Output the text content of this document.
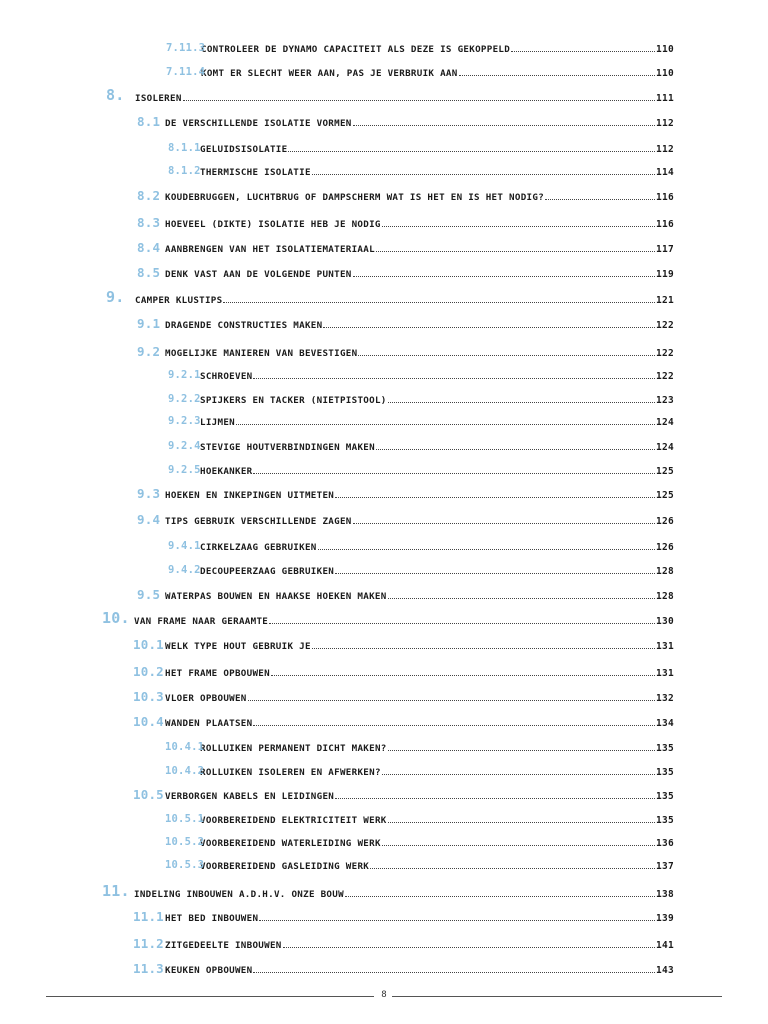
7.11.3
CONTROLEER DE DYNAMO CAPACITEIT ALS DEZE IS GEKOPPELD	110
7.11.4
KOMT ER SLECHT WEER AAN, PAS JE VERBRUIK AAN	110
8.	ISOLEREN	111
8.1 DE VERSCHILLENDE ISOLATIE VORMEN	112
8.1.1 GELUIDSISOLATIE	112
8.1.2 THERMISCHE ISOLATIE	114
8.2 KOUDEBRUGGEN, LUCHTBRUG OF DAMPSCHERM WAT IS HET EN IS HET NODIG?	116
8.3 HOEVEEL (DIKTE) ISOLATIE HEB JE NODIG	116
8.4 AANBRENGEN VAN HET ISOLATIEMATERIAAL	117
8.5 DENK VAST AAN DE VOLGENDE PUNTEN	119
9.	CAMPER KLUSTIPS	121
9.1 DRAGENDE CONSTRUCTIES MAKEN	122
9.2 MOGELIJKE MANIEREN VAN BEVESTIGEN	122
9.2.1 SCHROEVEN	122
9.2.2 SPIJKERS EN TACKER (NIETPISTOOL)	123
9.2.3 LIJMEN	124
9.2.4 STEVIGE HOUTVERBINDINGEN MAKEN	124
9.2.5 HOEKANKER	125
9.3 HOEKEN EN INKEPINGEN UITMETEN	125
9.4 TIPS GEBRUIK VERSCHILLENDE ZAGEN	126
9.4.1 CIRKELZAAG GEBRUIKEN	126
9.4.2 DECOUPEERZAAG GEBRUIKEN	128
9.5 WATERPAS BOUWEN EN HAAKSE HOEKEN MAKEN	128
10. VAN FRAME NAAR GERAAMTE	130
10.1 WELK TYPE HOUT GEBRUIK JE	131
10.2 HET FRAME OPBOUWEN	131
10.3 VLOER OPBOUWEN	132
10.4 WANDEN PLAATSEN	134
10.4.1
ROLLUIKEN PERMANENT DICHT MAKEN?	135
10.4.2
ROLLUIKEN ISOLEREN EN AFWERKEN?	135
10.5 VERBORGEN KABELS EN LEIDINGEN	135
10.5.1
VOORBEREIDEND ELEKTRICITEIT WERK	135
10.5.2
VOORBEREIDEND WATERLEIDING WERK	136
10.5.3
VOORBEREIDEND GASLEIDING WERK	137
11. INDELING INBOUWEN A.D.H.V. ONZE BOUW	138
11.1 HET BED INBOUWEN	139
11.2 ZITGEDEELTE INBOUWEN	141
11.3 KEUKEN OPBOUWEN	143
8
